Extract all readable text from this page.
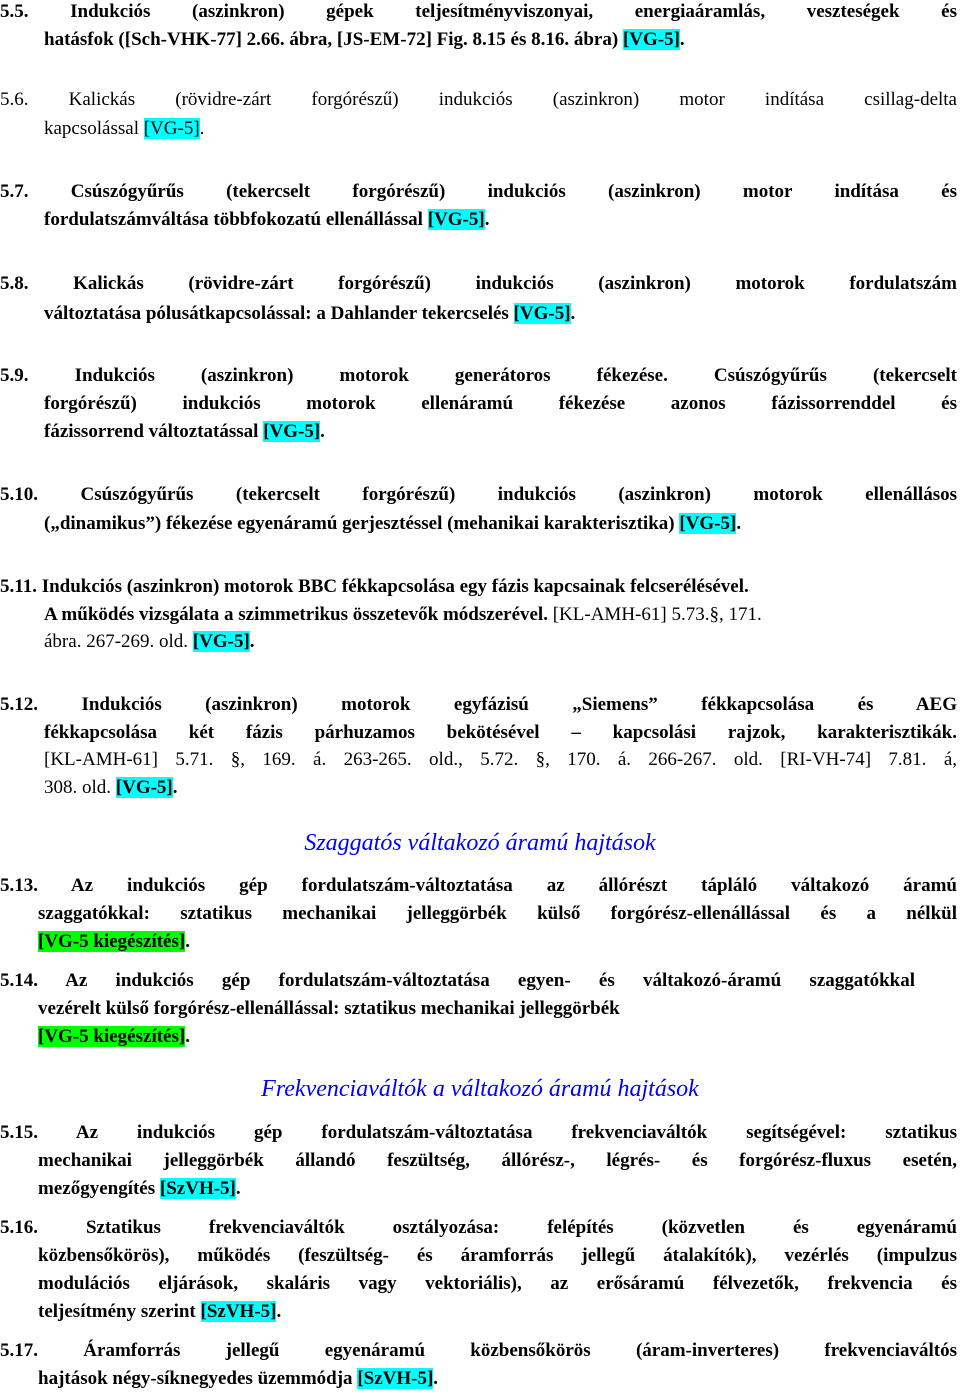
5.5. Indukciós (aszinkron) gépek teljesítményviszonyai, energiaáramlás, veszteségek és
hatásfok ([Sch-VHK-77] 2.66. ábra, [JS-EM-72] Fig. 8.15 és 8.16. ábra) [VG-5].
5.6. Kalickás (rövidre-zárt forgórészű) indukciós (aszinkron) motor indítása csillag-delta
kapcsolással [VG-5].
5.7. Csúszógyűrűs (tekercselt forgórészű) indukciós (aszinkron) motor indítása és
fordulatszámváltása többfokozatú ellenállással [VG-5].
5.8. Kalickás (rövidre-zárt forgórészű) indukciós (aszinkron) motorok fordulatszám
változtatása pólusátkapcsolással: a Dahlander tekercselés [VG-5].
5.9. Indukciós (aszinkron) motorok generátoros fékezése. Csúszógyűrűs (tekercselt
forgórészű) indukciós motorok ellenáramú fékezése azonos fázissorrenddel és
fázissorrend változtatással [VG-5].
5.10. Csúszógyűrűs (tekercselt forgórészű) indukciós (aszinkron) motorok ellenállásos
(„dinamikus”) fékezése egyenáramú gerjesztéssel (mehanikai karakterisztika) [VG-5].
5.11. Indukciós (aszinkron) motorok BBC fékkapcsolása egy fázis kapcsainak felcserélésével.
A működés vizsgálata a szimmetrikus összetevők módszerével. [KL-AMH-61] 5.73.§, 171.
ábra. 267-269. old. [VG-5].
5.12. Indukciós (aszinkron) motorok egyfázisú „Siemens” fékkapcsolása és AEG
fékkapcsolása két fázis párhuzamos bekötésével – kapcsolási rajzok, karakterisztikák.
[KL-AMH-61] 5.71. §, 169. á. 263-265. old., 5.72. §, 170. á. 266-267. old. [RI-VH-74] 7.81. á,
308. old. [VG-5].
Szaggatós váltakozó áramú hajtások
5.13. Az indukciós gép fordulatszám-változtatása az állórészt tápláló váltakozó áramú
szaggatókkal: sztatikus mechanikai jelleggörbék külső forgórész-ellenállással és a nélkül
[VG-5 kiegészítés].
5.14. Az indukciós gép fordulatszám-változtatása egyen- és váltakozó-áramú szaggatókkal
vezérelt külső forgórész-ellenállással: sztatikus mechanikai jelleggörbék
[VG-5 kiegészítés].
Frekvenciaváltók a váltakozó áramú hajtások
5.15. Az indukciós gép fordulatszám-változtatása frekvenciaváltók segítségével: sztatikus
mechanikai jelleggörbék állandó feszültség, állórész-, légrés- és forgórész-fluxus esetén,
mezőgyengítés [SzVH-5].
5.16. Sztatikus frekvenciaváltók osztályozása: felépítés (közvetlen és egyenáramú
közbensőkörös), működés (feszültség- és áramforrás jellegű átalakítók), vezérlés (impulzus
modulációs eljárások, skaláris vagy vektoriális), az erősáramú félvezetők, frekvencia és
teljesítmény szerint [SzVH-5].
5.17. Áramforrás jellegű egyenáramú közbensőkörös (áram-inverteres) frekvenciaváltós
hajtások négy-síknegyedes üzemmódja [SzVH-5].
